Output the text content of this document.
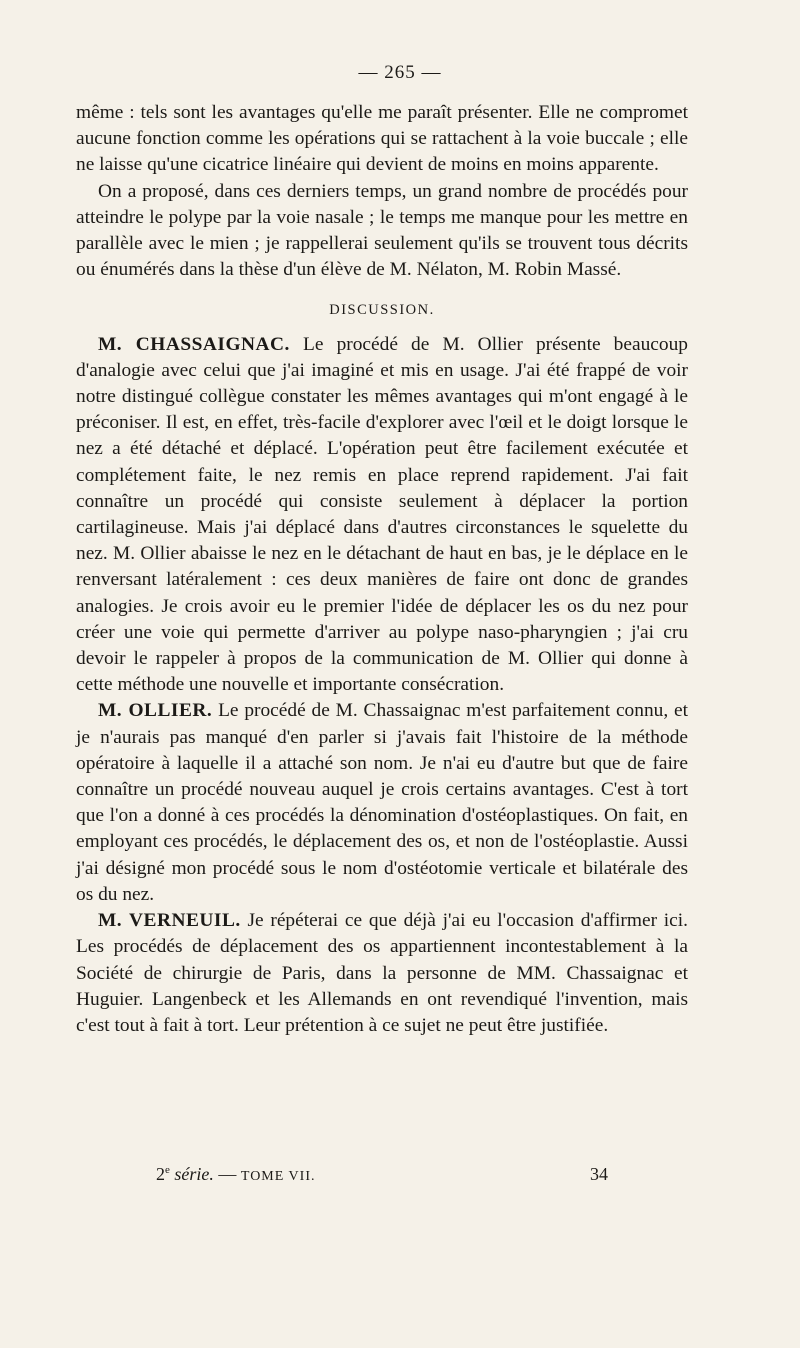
— 265 —

même : tels sont les avantages qu'elle me paraît présenter. Elle ne compromet aucune fonction comme les opérations qui se rattachent à la voie buccale ; elle ne laisse qu'une cicatrice linéaire qui devient de moins en moins apparente.

On a proposé, dans ces derniers temps, un grand nombre de procédés pour atteindre le polype par la voie nasale ; le temps me manque pour les mettre en parallèle avec le mien ; je rappellerai seulement qu'ils se trouvent tous décrits ou énumérés dans la thèse d'un élève de M. Nélaton, M. Robin Massé.

DISCUSSION.

M. CHASSAIGNAC. Le procédé de M. Ollier présente beaucoup d'analogie avec celui que j'ai imaginé et mis en usage. J'ai été frappé de voir notre distingué collègue constater les mêmes avantages qui m'ont engagé à le préconiser. Il est, en effet, très-facile d'explorer avec l'œil et le doigt lorsque le nez a été détaché et déplacé. L'opération peut être facilement exécutée et complétement faite, le nez remis en place reprend rapidement. J'ai fait connaître un procédé qui consiste seulement à déplacer la portion cartilagineuse. Mais j'ai déplacé dans d'autres circonstances le squelette du nez. M. Ollier abaisse le nez en le détachant de haut en bas, je le déplace en le renversant latéralement : ces deux manières de faire ont donc de grandes analogies. Je crois avoir eu le premier l'idée de déplacer les os du nez pour créer une voie qui permette d'arriver au polype naso-pharyngien ; j'ai cru devoir le rappeler à propos de la communication de M. Ollier qui donne à cette méthode une nouvelle et importante consécration.

M. OLLIER. Le procédé de M. Chassaignac m'est parfaitement connu, et je n'aurais pas manqué d'en parler si j'avais fait l'histoire de la méthode opératoire à laquelle il a attaché son nom. Je n'ai eu d'autre but que de faire connaître un procédé nouveau auquel je crois certains avantages. C'est à tort que l'on a donné à ces procédés la dénomination d'ostéoplastiques. On fait, en employant ces procédés, le déplacement des os, et non de l'ostéoplastie. Aussi j'ai désigné mon procédé sous le nom d'ostéotomie verticale et bilatérale des os du nez.

M. VERNEUIL. Je répéterai ce que déjà j'ai eu l'occasion d'affirmer ici. Les procédés de déplacement des os appartiennent incontestablement à la Société de chirurgie de Paris, dans la personne de MM. Chassaignac et Huguier. Langenbeck et les Allemands en ont revendiqué l'invention, mais c'est tout à fait à tort. Leur prétention à ce sujet ne peut être justifiée.

2e série. — TOME VII.	34
